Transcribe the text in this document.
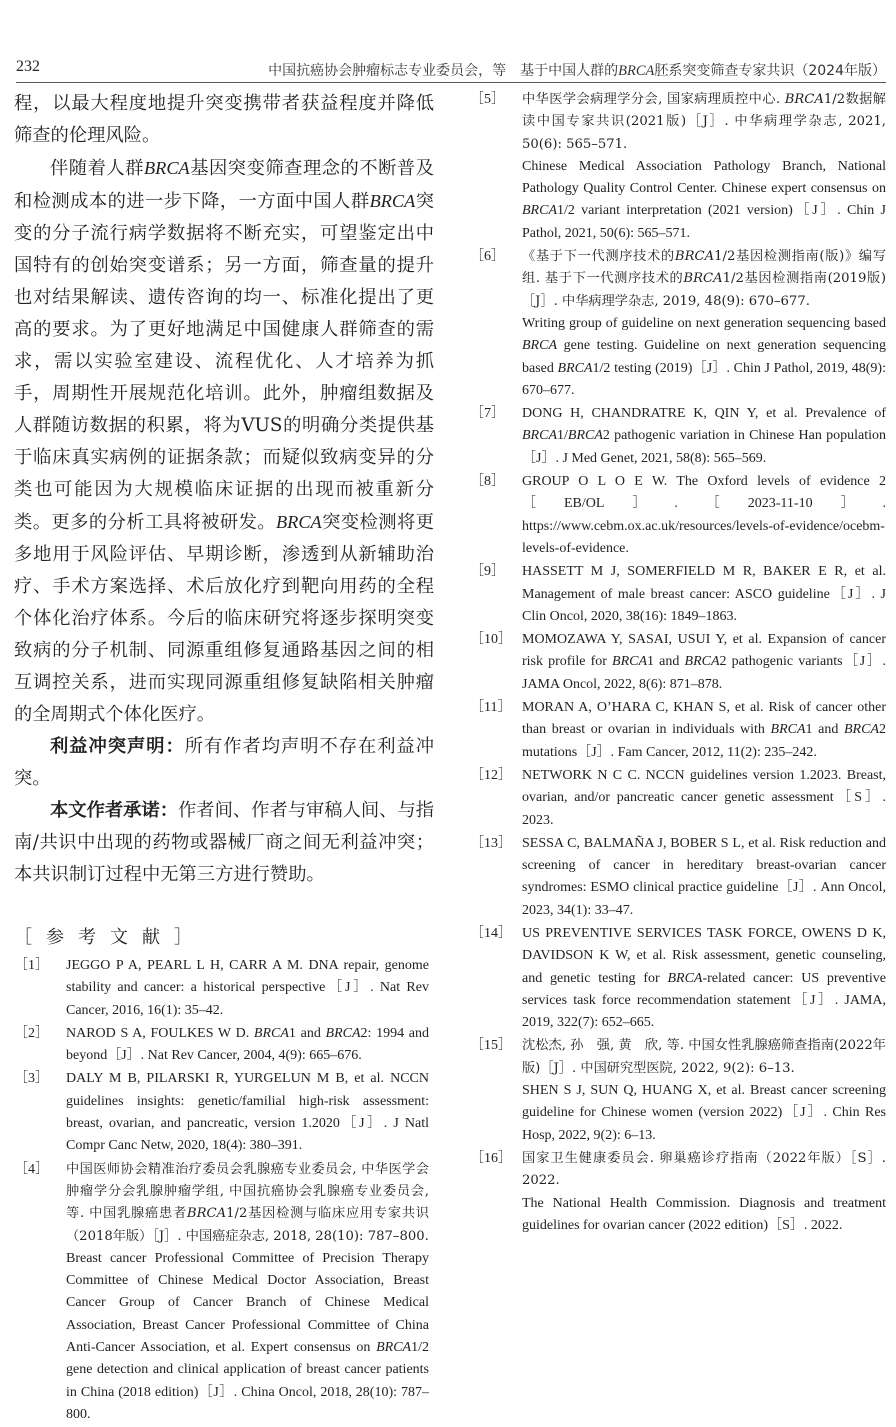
232	中国抗癌协会肿瘤标志专业委员会，等　基于中国人群的BRCA胚系突变筛查专家共识（2024年版）

程，以最大程度地提升突变携带者获益程度并降低筛查的伦理风险。

伴随着人群BRCA基因突变筛查理念的不断普及和检测成本的进一步下降，一方面中国人群BRCA突变的分子流行病学数据将不断充实，可望鉴定出中国特有的创始突变谱系；另一方面，筛查量的提升也对结果解读、遗传咨询的均一、标准化提出了更高的要求。为了更好地满足中国健康人群筛查的需求，需以实验室建设、流程优化、人才培养为抓手，周期性开展规范化培训。此外，肿瘤组数据及人群随访数据的积累，将为VUS的明确分类提供基于临床真实病例的证据条款；而疑似致病变异的分类也可能因为大规模临床证据的出现而被重新分类。更多的分析工具将被研发。BRCA突变检测将更多地用于风险评估、早期诊断，渗透到从新辅助治疗、手术方案选择、术后放化疗到靶向用药的全程个体化治疗体系。今后的临床研究将逐步探明突变致病的分子机制、同源重组修复通路基因之间的相互调控关系，进而实现同源重组修复缺陷相关肿瘤的全周期式个体化医疗。

利益冲突声明：所有作者均声明不存在利益冲突。

本文作者承诺：作者间、作者与审稿人间、与指南/共识中出现的药物或器械厂商之间无利益冲突；本共识制订过程中无第三方进行赞助。

［参考文献］
［1］	JEGGO P A, PEARL L H, CARR A M. DNA repair, genome stability and cancer: a historical perspective［J］. Nat Rev Cancer, 2016, 16(1): 35–42.
［2］	NAROD S A, FOULKES W D. BRCA1 and BRCA2: 1994 and beyond［J］. Nat Rev Cancer, 2004, 4(9): 665–676.
［3］	DALY M B, PILARSKI R, YURGELUN M B, et al. NCCN guidelines insights: genetic/familial high-risk assessment: breast, ovarian, and pancreatic, version 1.2020［J］. J Natl Compr Canc Netw, 2020, 18(4): 380–391.
［4］	中国医师协会精准治疗委员会乳腺癌专业委员会, 中华医学会肿瘤学分会乳腺肿瘤学组, 中国抗癌协会乳腺癌专业委员会, 等. 中国乳腺癌患者BRCA1/2基因检测与临床应用专家共识（2018年版）［J］. 中国癌症杂志, 2018, 28(10): 787–800.
Breast cancer Professional Committee of Precision Therapy Committee of Chinese Medical Doctor Association, Breast Cancer Group of Cancer Branch of Chinese Medical Association, Breast Cancer Professional Committee of China Anti-Cancer Association, et al. Expert consensus on BRCA1/2 gene detection and clinical application of breast cancer patients in China (2018 edition)［J］. China Oncol, 2018, 28(10): 787–800.
［5］	中华医学会病理学分会, 国家病理质控中心. BRCA1/2数据解读中国专家共识(2021版)［J］. 中华病理学杂志, 2021, 50(6): 565–571.
Chinese Medical Association Pathology Branch, National Pathology Quality Control Center. Chinese expert consensus on BRCA1/2 variant interpretation (2021 version)［J］. Chin J Pathol, 2021, 50(6): 565–571.
［6］	《基于下一代测序技术的BRCA1/2基因检测指南(版)》编写组. 基于下一代测序技术的BRCA1/2基因检测指南(2019版)［J］. 中华病理学杂志, 2019, 48(9): 670–677.
Writing group of guideline on next generation sequencing based BRCA gene testing. Guideline on next generation sequencing based BRCA1/2 testing (2019)［J］. Chin J Pathol, 2019, 48(9): 670–677.
［7］	DONG H, CHANDRATRE K, QIN Y, et al. Prevalence of BRCA1/BRCA2 pathogenic variation in Chinese Han population［J］. J Med Genet, 2021, 58(8): 565–569.
［8］	GROUP O L O E W. The Oxford levels of evidence 2［EB/OL］.［2023-11-10］. https://www.cebm.ox.ac.uk/resources/levels-of-evidence/ocebm-levels-of-evidence.
［9］	HASSETT M J, SOMERFIELD M R, BAKER E R, et al. Management of male breast cancer: ASCO guideline［J］. J Clin Oncol, 2020, 38(16): 1849–1863.
［10］ MOMOZAWA Y, SASAI, USUI Y, et al. Expansion of cancer risk profile for BRCA1 and BRCA2 pathogenic variants［J］. JAMA Oncol, 2022, 8(6): 871–878.
［11］ MORAN A, O’HARA C, KHAN S, et al. Risk of cancer other than breast or ovarian in individuals with BRCA1 and BRCA2 mutations［J］. Fam Cancer, 2012, 11(2): 235–242.
［12］ NETWORK N C C. NCCN guidelines version 1.2023. Breast, ovarian, and/or pancreatic cancer genetic assessment［S］. 2023.
［13］ SESSA C, BALMAÑA J, BOBER S L, et al. Risk reduction and screening of cancer in hereditary breast-ovarian cancer syndromes: ESMO clinical practice guideline［J］. Ann Oncol, 2023, 34(1): 33–47.
［14］ US PREVENTIVE SERVICES TASK FORCE, OWENS D K, DAVIDSON K W, et al. Risk assessment, genetic counseling, and genetic testing for BRCA-related cancer: US preventive services task force recommendation statement［J］. JAMA, 2019, 322(7): 652–665.
［15］ 沈松杰, 孙　强, 黄　欣, 等. 中国女性乳腺癌筛查指南(2022年版)［J］. 中国研究型医院, 2022, 9(2): 6–13.
SHEN S J, SUN Q, HUANG X, et al. Breast cancer screening guideline for Chinese women (version 2022)［J］. Chin Res Hosp, 2022, 9(2): 6–13.
［16］ 国家卫生健康委员会. 卵巢癌诊疗指南（2022年版）［S］. 2022.
The National Health Commission. Diagnosis and treatment guidelines for ovarian cancer (2022 edition)［S］. 2022.
